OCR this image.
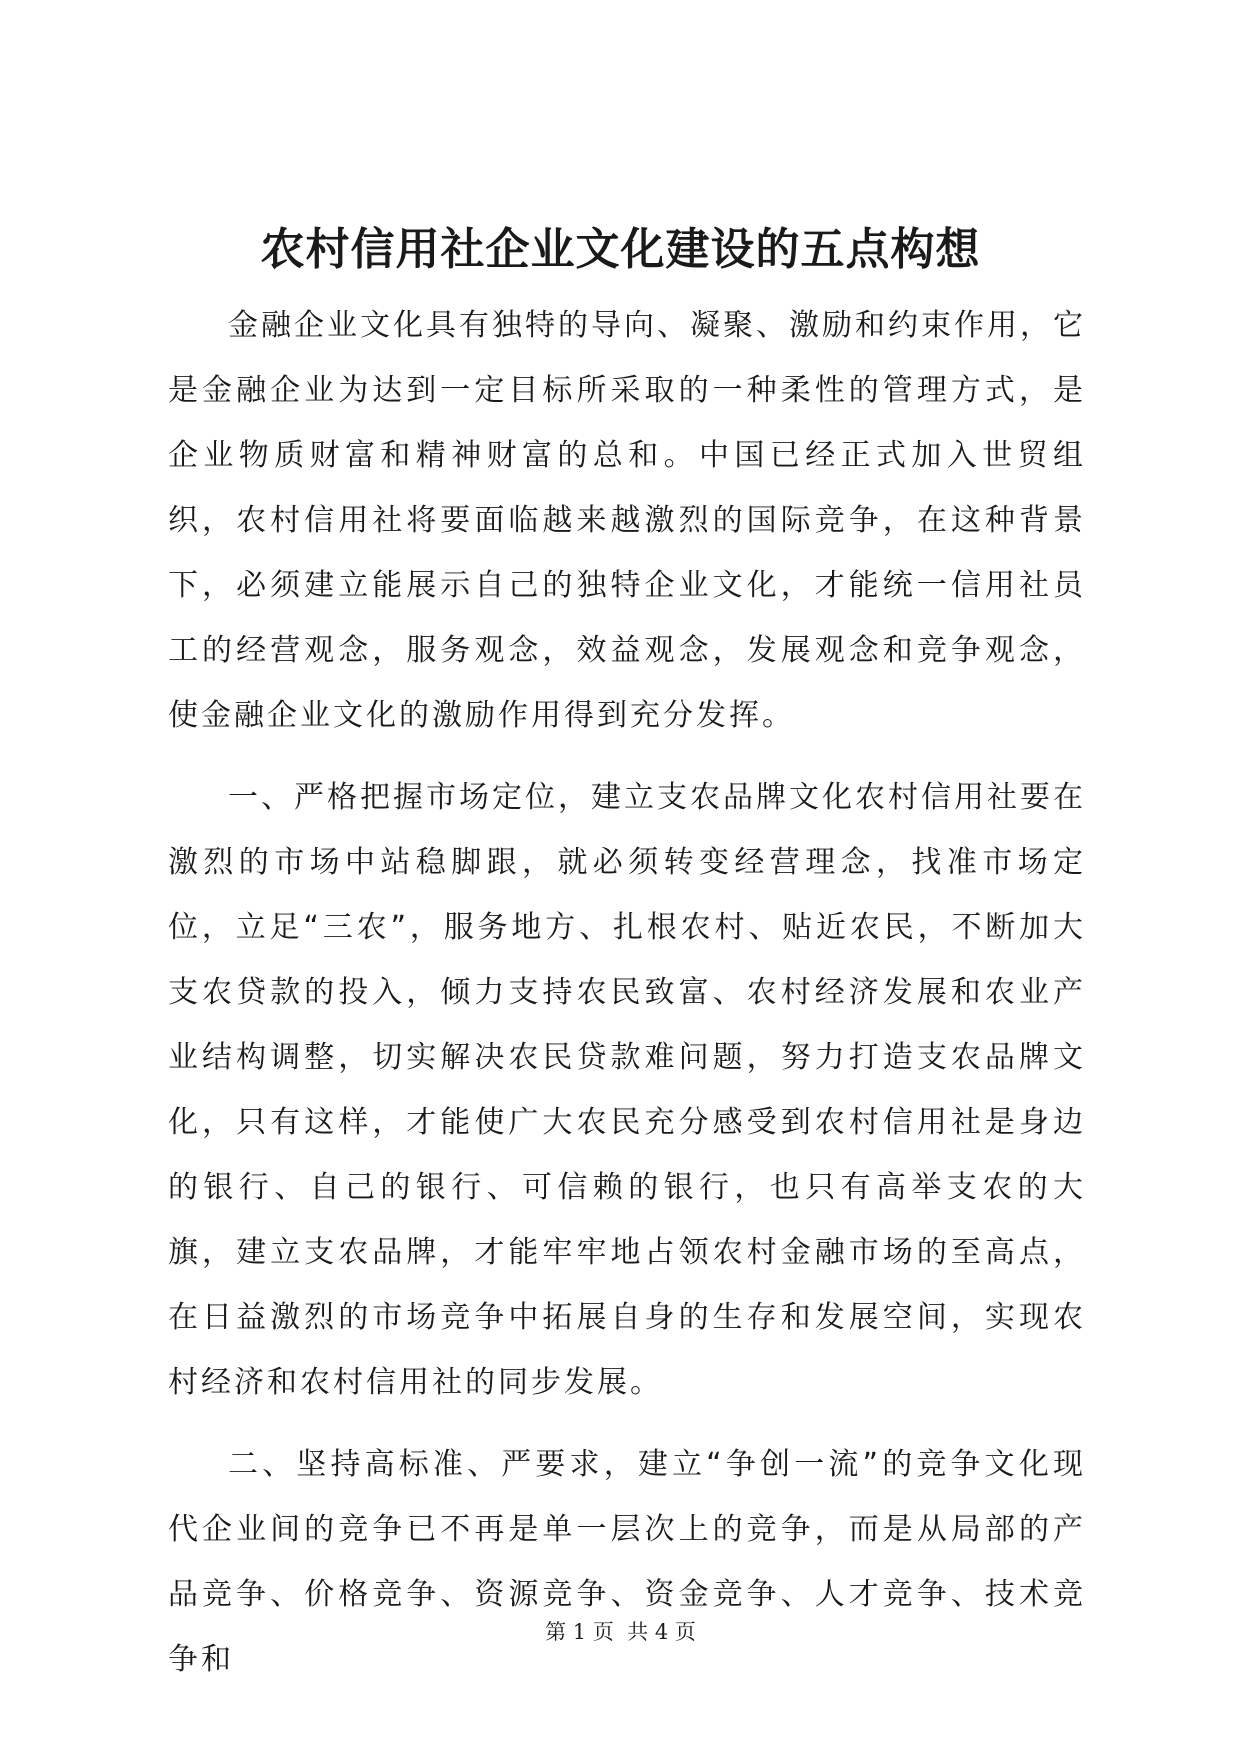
农村信用社企业文化建设的五点构想

金融企业文化具有独特的导向、凝聚、激励和约束作用，它是金融企业为达到一定目标所采取的一种柔性的管理方式，是企业物质财富和精神财富的总和。中国已经正式加入世贸组织，农村信用社将要面临越来越激烈的国际竞争，在这种背景下，必须建立能展示自己的独特企业文化，才能统一信用社员工的经营观念，服务观念，效益观念，发展观念和竞争观念，使金融企业文化的激励作用得到充分发挥。

一、严格把握市场定位，建立支农品牌文化农村信用社要在激烈的市场中站稳脚跟，就必须转变经营理念，找准市场定位，立足“三农”，服务地方、扎根农村、贴近农民，不断加大支农贷款的投入，倾力支持农民致富、农村经济发展和农业产业结构调整，切实解决农民贷款难问题，努力打造支农品牌文化，只有这样，才能使广大农民充分感受到农村信用社是身边的银行、自己的银行、可信赖的银行，也只有高举支农的大旗，建立支农品牌，才能牢牢地占领农村金融市场的至高点，在日益激烈的市场竞争中拓展自身的生存和发展空间，实现农村经济和农村信用社的同步发展。

二、坚持高标准、严要求，建立“争创一流”的竞争文化现代企业间的竞争已不再是单一层次上的竞争，而是从局部的产品竞争、价格竞争、资源竞争、资金竞争、人才竞争、技术竞争和

第 1 页  共 4 页
